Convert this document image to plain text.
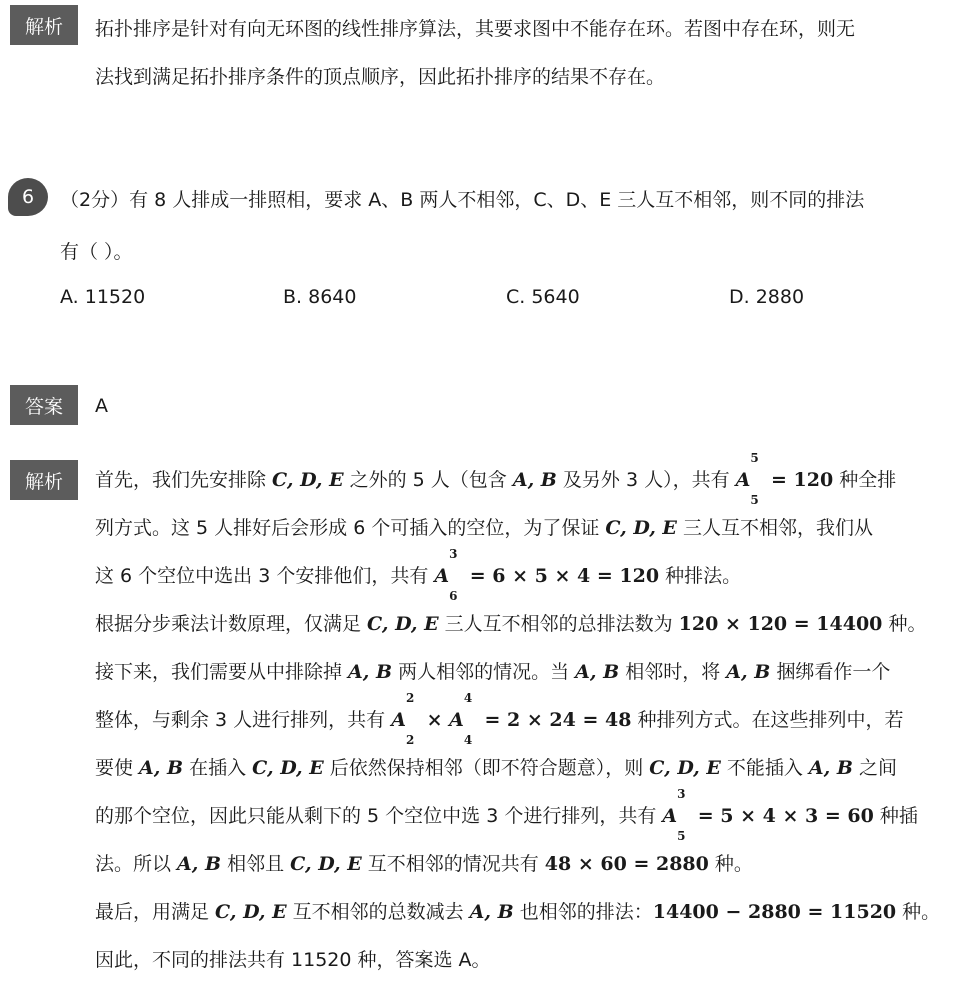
解析	拓扑排序是针对有向无环图的线性排序算法，其要求图中不能存在环。若图中存在环，则无
法找到满足拓扑排序条件的顶点顺序，因此拓扑排序的结果不存在。
6	（2分）有 8 人排成一排照相，要求 A、B 两人不相邻，C、D、E 三人互不相邻，则不同的排法
有（ ）。
A. 11520	B. 8640	C. 5640	D. 2880
答案	A
解析	首先，我们先安排除 C, D, E 之外的 5 人（包含 A, B 及另外 3 人），共有 A
5
5
= 120 种全排
列方式。这 5 人排好后会形成 6 个可插入的空位，为了保证 C, D, E 三人互不相邻，我们从
这 6 个空位中选出 3 个安排他们，共有 A
3
6
= 6 × 5 × 4 = 120 种排法。
根据分步乘法计数原理，仅满足 C, D, E 三人互不相邻的总排法数为 120 × 120 = 14400 种。
接下来，我们需要从中排除掉 A, B 两人相邻的情况。当 A, B 相邻时，将 A, B 捆绑看作一个
整体，与剩余 3 人进行排列，共有 A
2
2
× A
4
4
= 2 × 24 = 48 种排列方式。在这些排列中，若
要使 A, B 在插入 C, D, E 后依然保持相邻（即不符合题意），则 C, D, E 不能插入 A, B 之间
的那个空位，因此只能从剩下的 5 个空位中选 3 个进行排列，共有 A
3
5
= 5 × 4 × 3 = 60 种插
法。所以 A, B 相邻且 C, D, E 互不相邻的情况共有 48 × 60 = 2880 种。
最后，用满足 C, D, E 互不相邻的总数减去 A, B 也相邻的排法：14400 − 2880 = 11520 种。
因此，不同的排法共有 11520 种，答案选 A。
